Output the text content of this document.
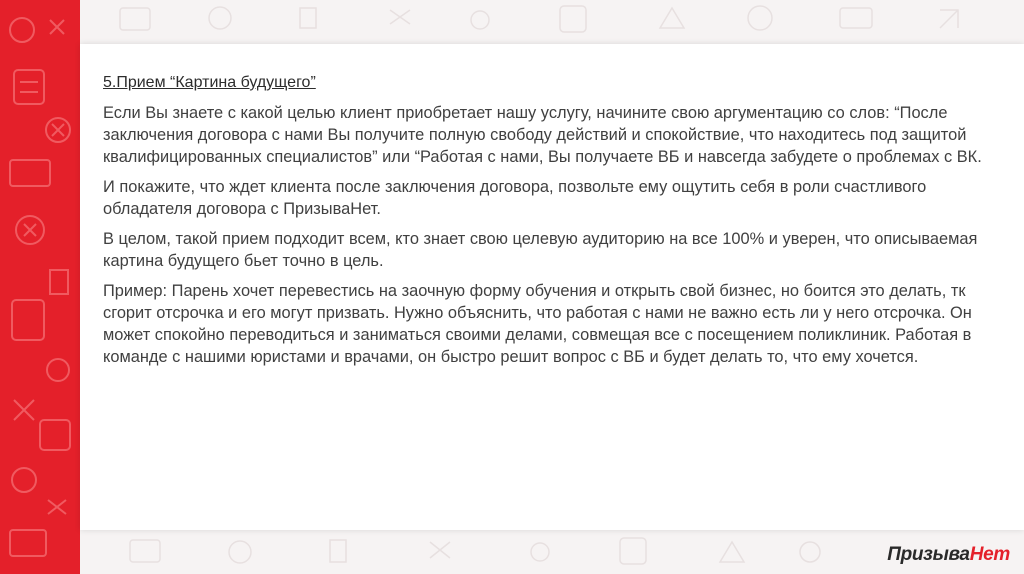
5.Прием “Картина будущего”

Если Вы знаете с какой целью клиент приобретает нашу услугу, начините свою аргументацию со слов: “После заключения договора с нами Вы получите полную свободу действий и спокойствие, что находитесь под защитой квалифицированных специалистов” или “Работая с нами, Вы получаете ВБ и навсегда забудете о проблемах с ВК.

И покажите, что ждет клиента после заключения договора, позвольте ему ощутить себя в роли счастливого обладателя договора с ПризываНет.

В целом, такой прием подходит всем, кто знает свою целевую аудиторию на все 100% и уверен, что описываемая картина будущего бьет точно в цель.

Пример: Парень хочет перевестись на заочную форму обучения и открыть свой бизнес, но боится это делать, тк сгорит отсрочка и его могут призвать. Нужно объяснить, что работая с нами не важно есть ли у него отсрочка. Он может спокойно переводиться и заниматься своими делами, совмещая все с посещением поликлиник. Работая в команде с нашими юристами и врачами, он быстро решит вопрос с ВБ и будет делать то, что ему хочется.

ПризываНет
